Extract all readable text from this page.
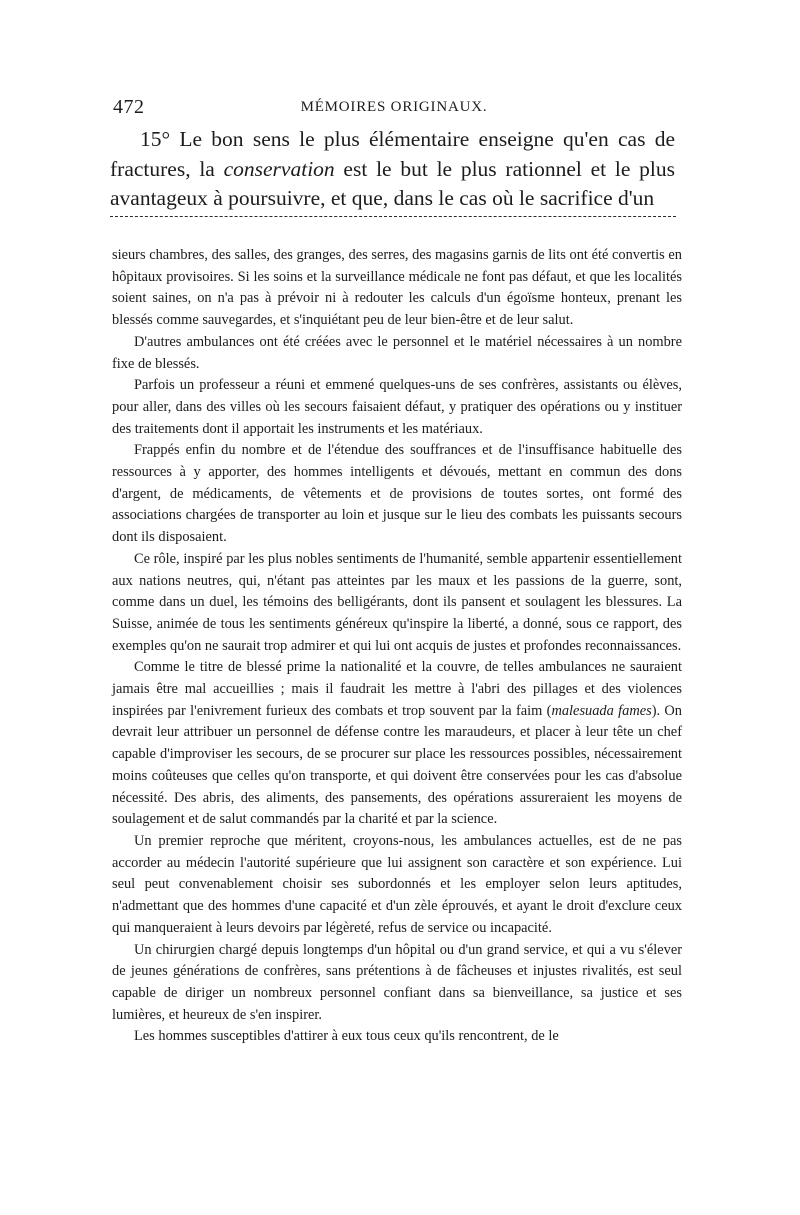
472	MÉMOIRES ORIGINAUX.

15° Le bon sens le plus élémentaire enseigne qu'en cas de fractures, la conservation est le but le plus rationnel et le plus avantageux à poursuivre, et que, dans le cas où le sacrifice d'un

sieurs chambres, des salles, des granges, des serres, des magasins garnis de lits ont été convertis en hôpitaux provisoires. Si les soins et la surveillance médicale ne font pas défaut, et que les localités soient saines, on n'a pas à prévoir ni à redouter les calculs d'un égoïsme honteux, prenant les blessés comme sauvegardes, et s'inquiétant peu de leur bien-être et de leur salut.

D'autres ambulances ont été créées avec le personnel et le matériel nécessaires à un nombre fixe de blessés.

Parfois un professeur a réuni et emmené quelques-uns de ses confrères, assistants ou élèves, pour aller, dans des villes où les secours faisaient défaut, y pratiquer des opérations ou y instituer des traitements dont il apportait les instruments et les matériaux.

Frappés enfin du nombre et de l'étendue des souffrances et de l'insuffisance habituelle des ressources à y apporter, des hommes intelligents et dévoués, mettant en commun des dons d'argent, de médicaments, de vêtements et de provisions de toutes sortes, ont formé des associations chargées de transporter au loin et jusque sur le lieu des combats les puissants secours dont ils disposaient.

Ce rôle, inspiré par les plus nobles sentiments de l'humanité, semble appartenir essentiellement aux nations neutres, qui, n'étant pas atteintes par les maux et les passions de la guerre, sont, comme dans un duel, les témoins des belligérants, dont ils pansent et soulagent les blessures. La Suisse, animée de tous les sentiments généreux qu'inspire la liberté, a donné, sous ce rapport, des exemples qu'on ne saurait trop admirer et qui lui ont acquis de justes et profondes reconnaissances.

Comme le titre de blessé prime la nationalité et la couvre, de telles ambulances ne sauraient jamais être mal accueillies ; mais il faudrait les mettre à l'abri des pillages et des violences inspirées par l'enivrement furieux des combats et trop souvent par la faim (malesuada fames). On devrait leur attribuer un personnel de défense contre les maraudeurs, et placer à leur tête un chef capable d'improviser les secours, de se procurer sur place les ressources possibles, nécessairement moins coûteuses que celles qu'on transporte, et qui doivent être conservées pour les cas d'absolue nécessité. Des abris, des aliments, des pansements, des opérations assureraient les moyens de soulagement et de salut commandés par la charité et par la science.

Un premier reproche que méritent, croyons-nous, les ambulances actuelles, est de ne pas accorder au médecin l'autorité supérieure que lui assignent son caractère et son expérience. Lui seul peut convenablement choisir ses subordonnés et les employer selon leurs aptitudes, n'admettant que des hommes d'une capacité et d'un zèle éprouvés, et ayant le droit d'exclure ceux qui manqueraient à leurs devoirs par légèreté, refus de service ou incapacité.

Un chirurgien chargé depuis longtemps d'un hôpital ou d'un grand service, et qui a vu s'élever de jeunes générations de confrères, sans prétentions à de fâcheuses et injustes rivalités, est seul capable de diriger un nombreux personnel confiant dans sa bienveillance, sa justice et ses lumières, et heureux de s'en inspirer.

Les hommes susceptibles d'attirer à eux tous ceux qu'ils rencontrent, de le
